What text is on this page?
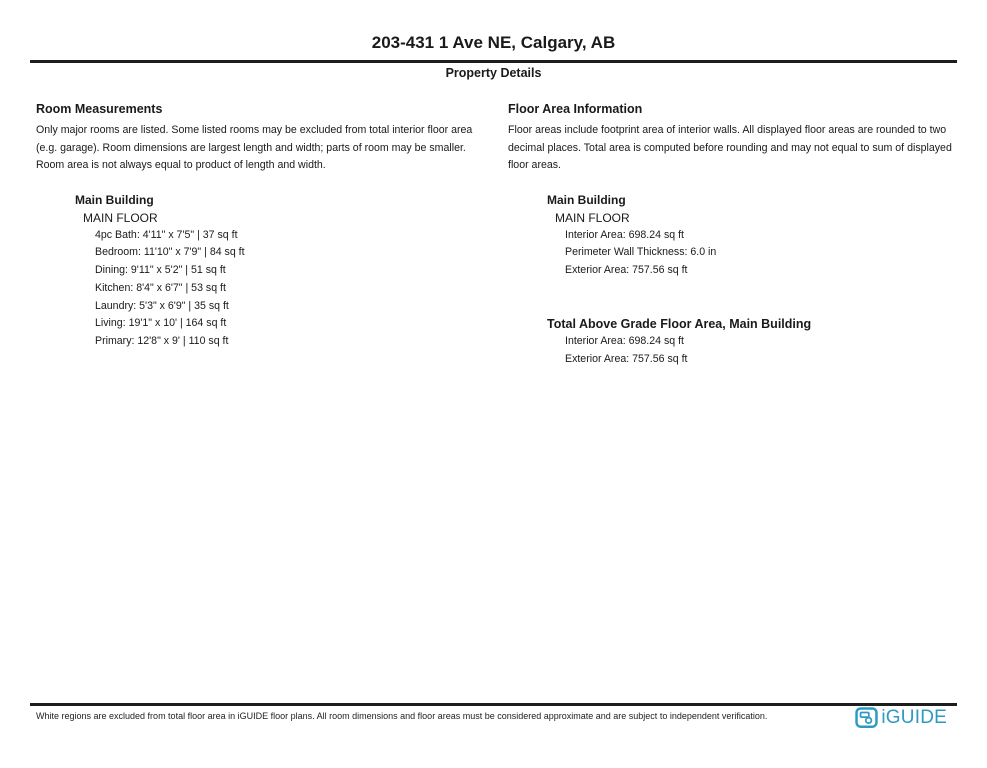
203-431 1 Ave NE, Calgary, AB
Property Details
Room Measurements

Only major rooms are listed. Some listed rooms may be excluded from total interior floor area (e.g. garage). Room dimensions are largest length and width; parts of room may be smaller. Room area is not always equal to product of length and width.

Main Building
MAIN FLOOR
4pc Bath: 4'11" x 7'5" | 37 sq ft
Bedroom: 11'10" x 7'9" | 84 sq ft
Dining: 9'11" x 5'2" | 51 sq ft
Kitchen: 8'4" x 6'7" | 53 sq ft
Laundry: 5'3" x 6'9" | 35 sq ft
Living: 19'1" x 10' | 164 sq ft
Primary: 12'8" x 9' | 110 sq ft
Floor Area Information

Floor areas include footprint area of interior walls. All displayed floor areas are rounded to two decimal places. Total area is computed before rounding and may not equal to sum of displayed floor areas.

Main Building
MAIN FLOOR
Interior Area: 698.24 sq ft
Perimeter Wall Thickness: 6.0 in
Exterior Area: 757.56 sq ft
Total Above Grade Floor Area, Main Building
Interior Area: 698.24 sq ft
Exterior Area: 757.56 sq ft
White regions are excluded from total floor area in iGUIDE floor plans. All room dimensions and floor areas must be considered approximate and are subject to independent verification.	iGUIDE
